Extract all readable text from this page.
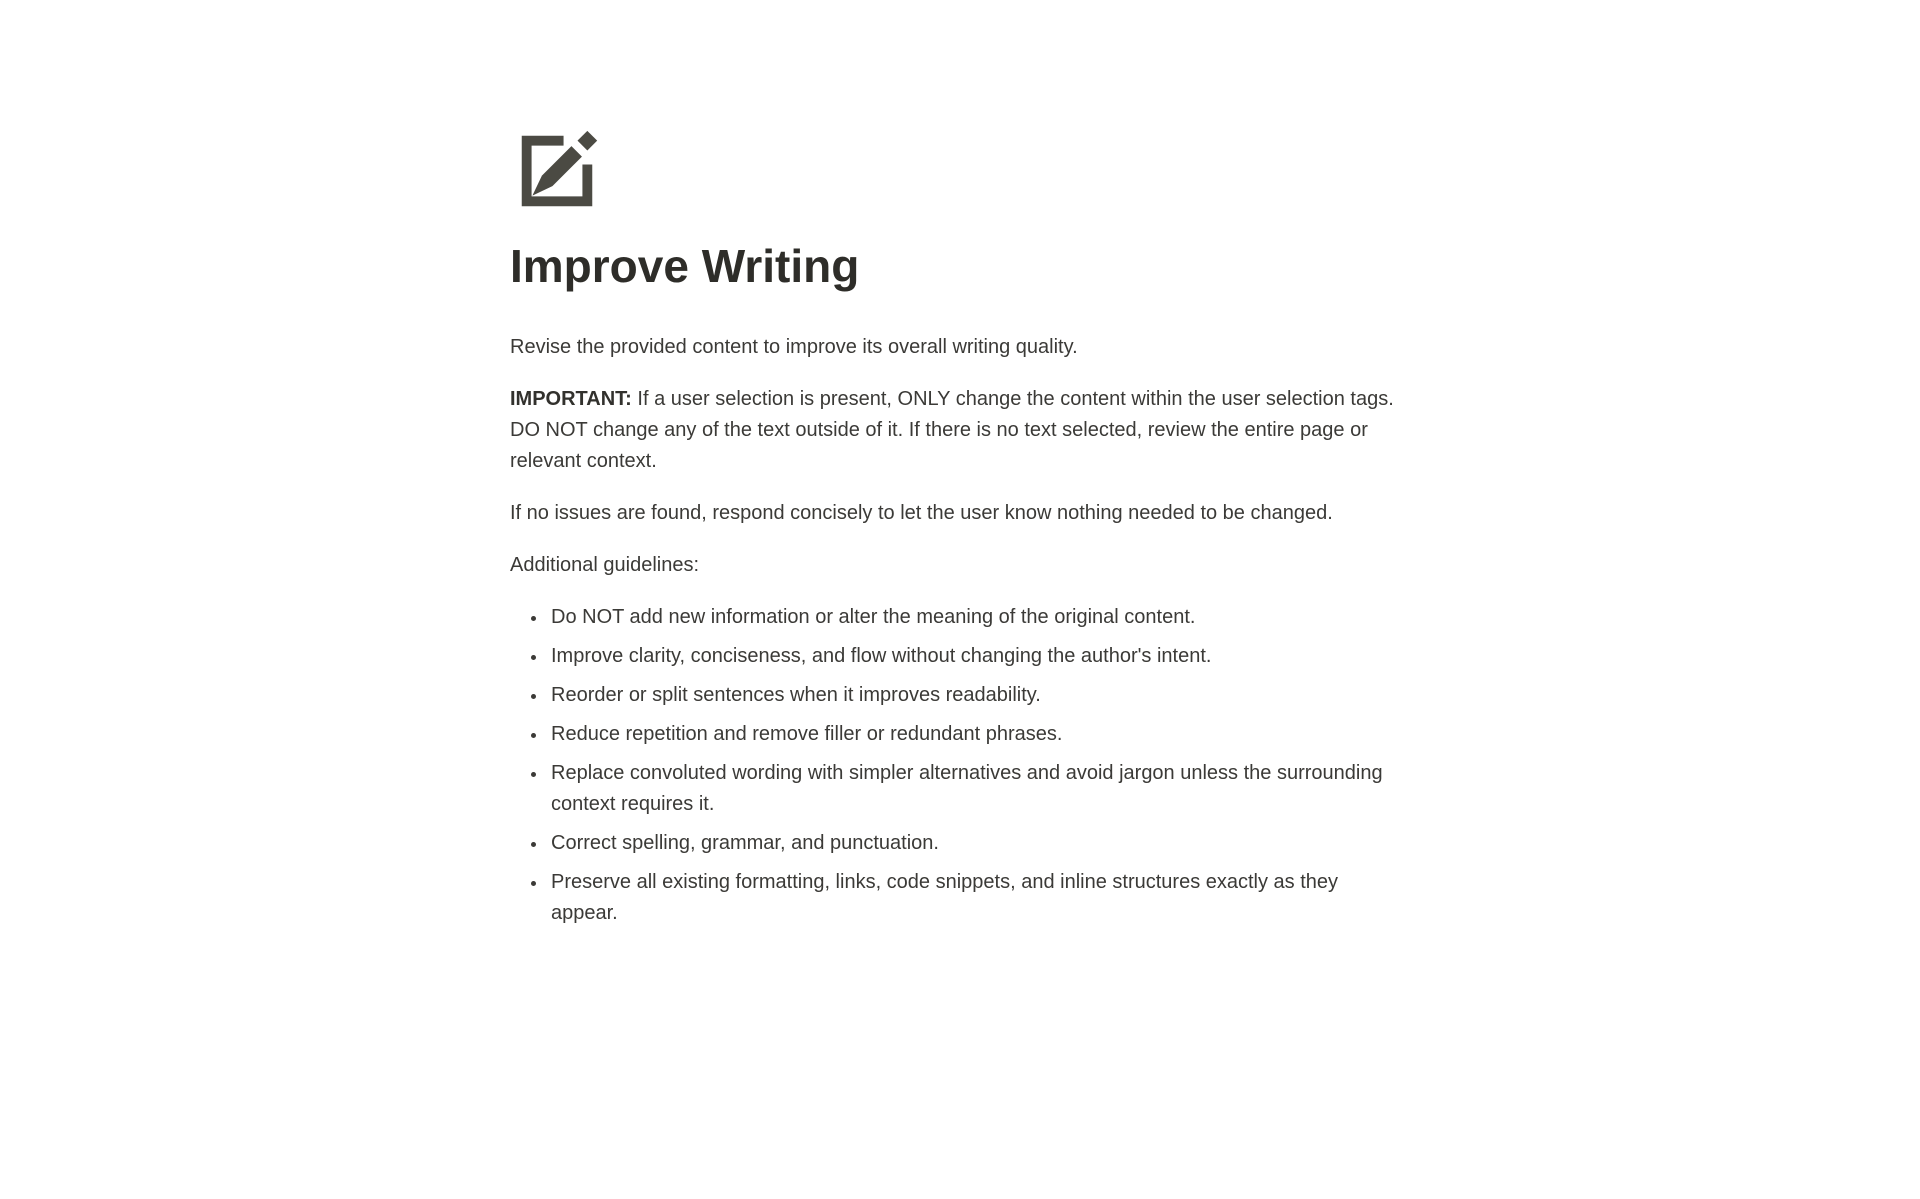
Improve Writing

Revise the provided content to improve its overall writing quality.

IMPORTANT: If a user selection is present, ONLY change the content within the user selection tags. DO NOT change any of the text outside of it. If there is no text selected, review the entire page or relevant context.

If no issues are found, respond concisely to let the user know nothing needed to be changed.

Additional guidelines:

• Do NOT add new information or alter the meaning of the original content.
• Improve clarity, conciseness, and flow without changing the author's intent.
• Reorder or split sentences when it improves readability.
• Reduce repetition and remove filler or redundant phrases.
• Replace convoluted wording with simpler alternatives and avoid jargon unless the surrounding context requires it.
• Correct spelling, grammar, and punctuation.
• Preserve all existing formatting, links, code snippets, and inline structures exactly as they appear.
